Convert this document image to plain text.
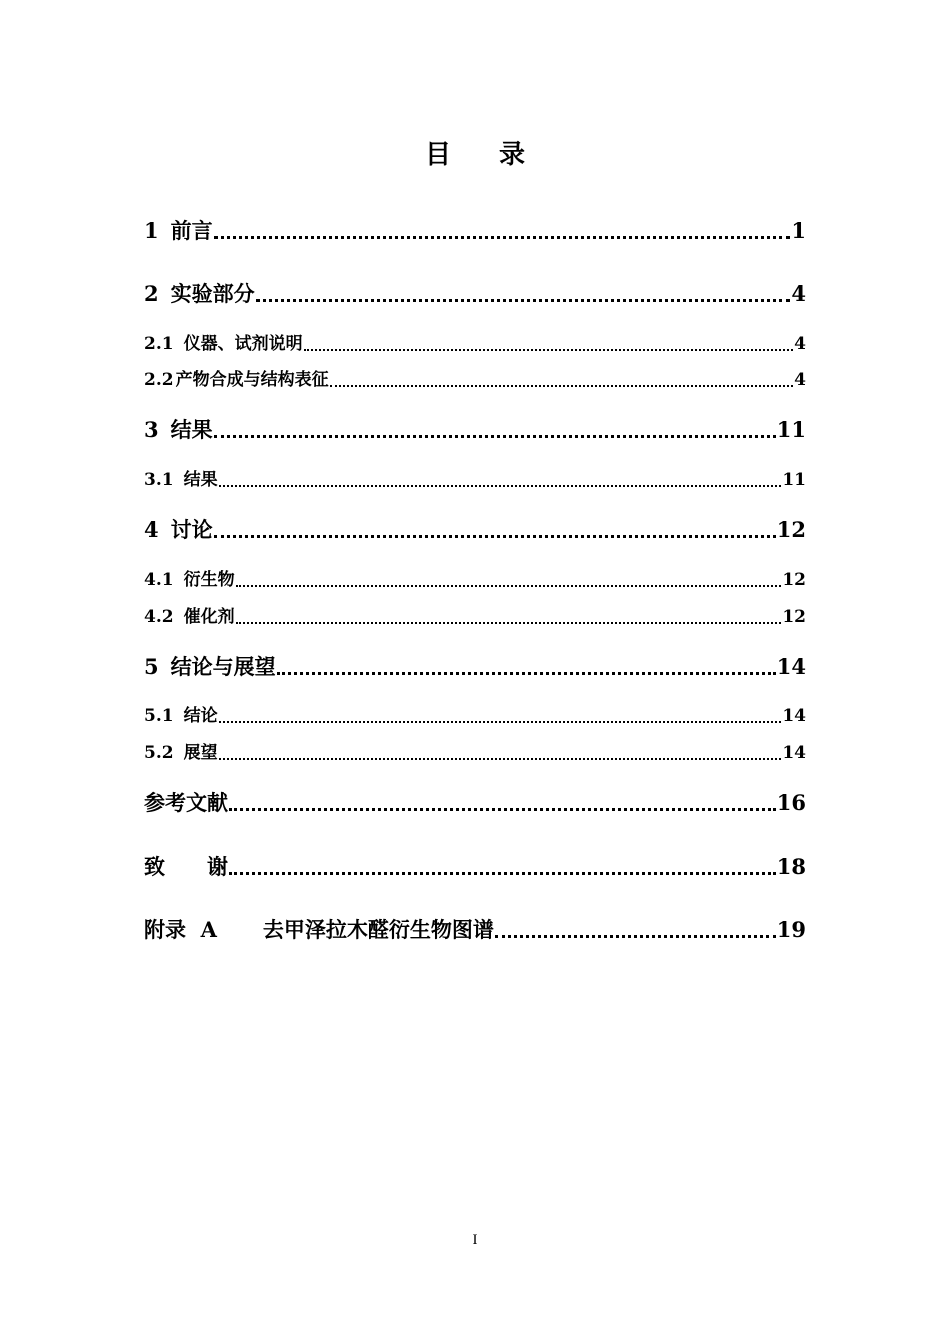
目 录
1 前言	1
2 实验部分	4
2.1 仪器、试剂说明	4
2.2 产物合成与结构表征	4
3 结果	11
3.1 结果	11
4 讨论	12
4.1 衍生物	12
4.2 催化剂	12
5 结论与展望	14
5.1 结论	14
5.2 展望	14
参考文献	16
致　　谢	18
附录  A 去甲泽拉木醛衍生物图谱	19
I
